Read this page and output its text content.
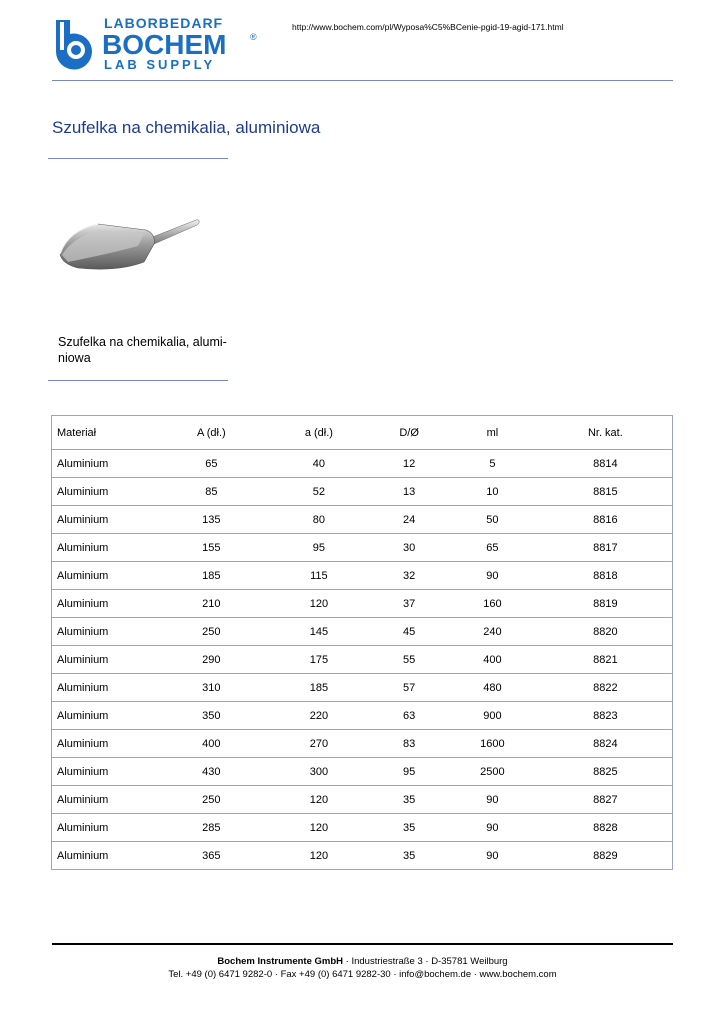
LABORBEDARF
BOCHEM	®
LAB SUPPLY
http://www.bochem.com/pl/Wyposa%C5%BCenie-pgid-19-agid-171.html
Szufelka na chemikalia, aluminiowa
Szufelka na chemikalia, alumi-
niowa
Materiał	A (dł.)	a (dł.)	D/Ø	ml	Nr. kat.
Aluminium	65	40	12	5	8814
Aluminium	85	52	13	10	8815
Aluminium	135	80	24	50	8816
Aluminium	155	95	30	65	8817
Aluminium	185	115	32	90	8818
Aluminium	210	120	37	160	8819
Aluminium	250	145	45	240	8820
Aluminium	290	175	55	400	8821
Aluminium	310	185	57	480	8822
Aluminium	350	220	63	900	8823
Aluminium	400	270	83	1600	8824
Aluminium	430	300	95	2500	8825
Aluminium	250	120	35	90	8827
Aluminium	285	120	35	90	8828
Aluminium	365	120	35	90	8829
Bochem Instrumente GmbH · Industriestraße 3 · D-35781 Weilburg
Tel. +49 (0) 6471 9282-0 · Fax +49 (0) 6471 9282-30 · info@bochem.de · www.bochem.com
